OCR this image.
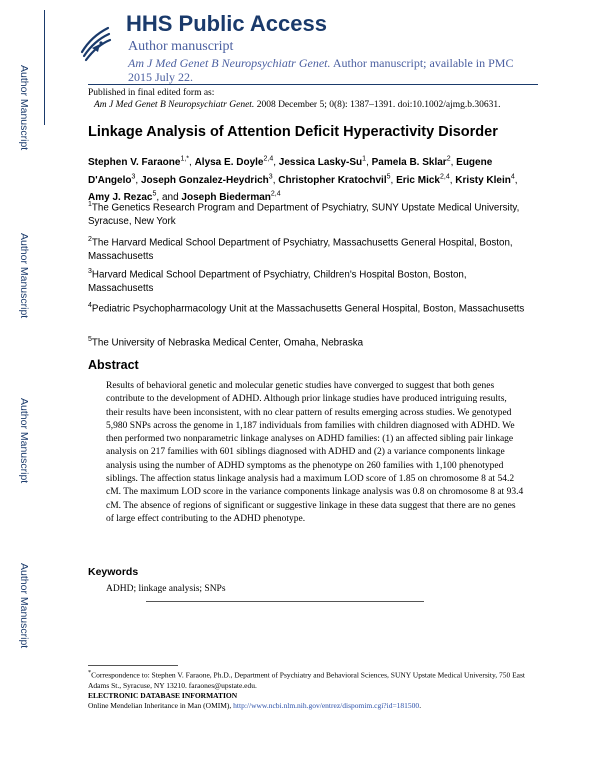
Author Manuscript
Author Manuscript
Author Manuscript
Author Manuscript
HHS Public Access
Author manuscript
Am J Med Genet B Neuropsychiatr Genet. Author manuscript; available in PMC 2015 July 22.
Published in final edited form as:
Am J Med Genet B Neuropsychiatr Genet. 2008 December 5; 0(8): 1387–1391. doi:10.1002/ajmg.b.30631.
Linkage Analysis of Attention Deficit Hyperactivity Disorder
Stephen V. Faraone$^{1,*}$, Alysa E. Doyle$^{2,4}$, Jessica Lasky-Su$^1$, Pamela B. Sklar$^2$, Eugene D'Angelo$^3$, Joseph Gonzalez-Heydrich$^3$, Christopher Kratochvil$^5$, Eric Mick$^{2,4}$, Kristy Klein$^4$, Amy J. Rezac$^5$, and Joseph Biederman$^{2,4}$
$^1$The Genetics Research Program and Department of Psychiatry, SUNY Upstate Medical University, Syracuse, New York
$^2$The Harvard Medical School Department of Psychiatry, Massachusetts General Hospital, Boston, Massachusetts
$^3$Harvard Medical School Department of Psychiatry, Children's Hospital Boston, Boston, Massachusetts
$^4$Pediatric Psychopharmacology Unit at the Massachusetts General Hospital, Boston, Massachusetts
$^5$The University of Nebraska Medical Center, Omaha, Nebraska
Abstract
Results of behavioral genetic and molecular genetic studies have converged to suggest that both genes contribute to the development of ADHD. Although prior linkage studies have produced intriguing results, their results have been inconsistent, with no clear pattern of results emerging across studies. We genotyped 5,980 SNPs across the genome in 1,187 individuals from families with children diagnosed with ADHD. We then performed two nonparametric linkage analyses on ADHD families: (1) an affected sibling pair linkage analysis on 217 families with 601 siblings diagnosed with ADHD and (2) a variance components linkage analysis using the number of ADHD symptoms as the phenotype on 260 families with 1,100 phenotyped siblings. The affection status linkage analysis had a maximum LOD score of 1.85 on chromosome 8 at 54.2 cM. The maximum LOD score in the variance components linkage analysis was 0.8 on chromosome 8 at 93.4 cM. The absence of regions of significant or suggestive linkage in these data suggest that there are no genes of large effect contributing to the ADHD phenotype.
Keywords
ADHD; linkage analysis; SNPs
*Correspondence to: Stephen V. Faraone, Ph.D., Department of Psychiatry and Behavioral Sciences, SUNY Upstate Medical University, 750 East Adams St., Syracuse, NY 13210. faraones@upstate.edu.
ELECTRONIC DATABASE INFORMATION
Online Mendelian Inheritance in Man (OMIM), http://www.ncbi.nlm.nih.gov/entrez/dispomim.cgi?id=181500.
